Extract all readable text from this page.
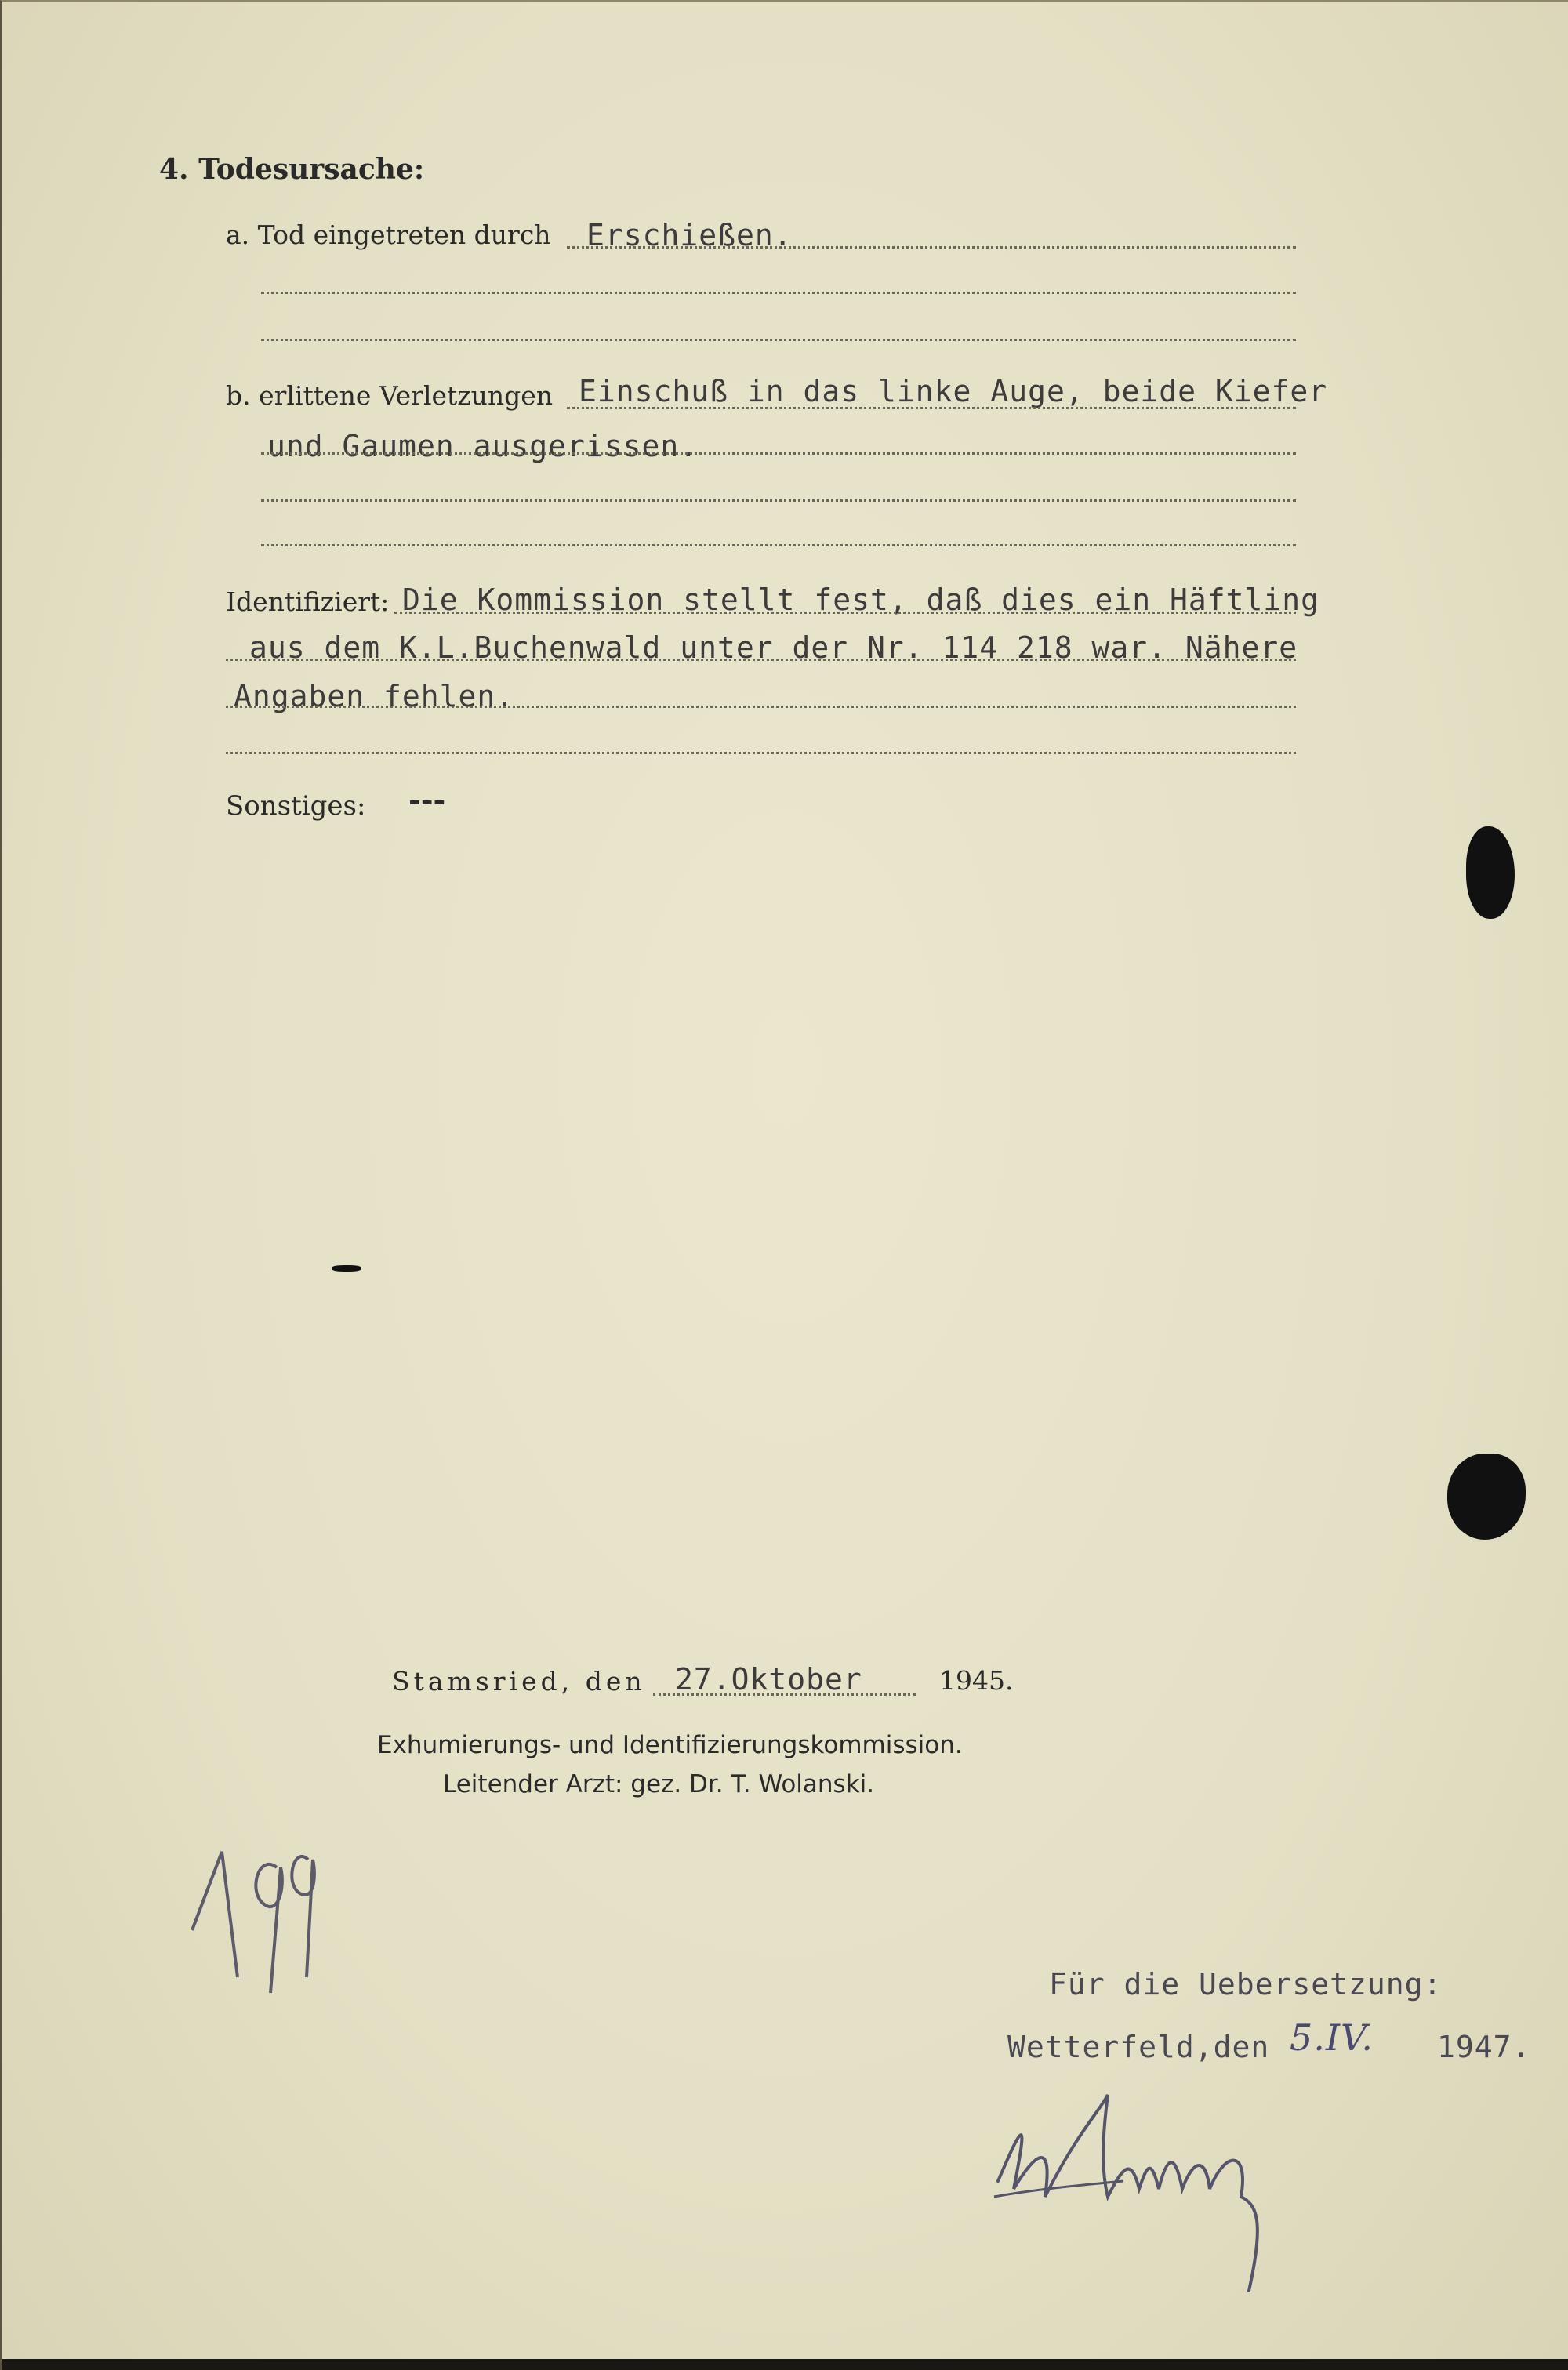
4. Todesursache:
a. Tod eingetreten durch Erschießen.
b. erlittene Verletzungen Einschuß in das linke Auge, beide Kiefer
und Gaumen ausgerissen.
Identifiziert: Die Kommission stellt fest, daß dies ein Häftling
aus dem K.L.Buchenwald unter der Nr. 114 218 war. Nähere
Angaben fehlen.
Sonstiges: ---
Stamsried, den 27.Oktober	1945.
Exhumierungs- und Identifizierungskommission.
Leitender Arzt: gez. Dr. T. Wolanski.
Für die Uebersetzung:
Wetterfeld,den 5.IV. 1947.
